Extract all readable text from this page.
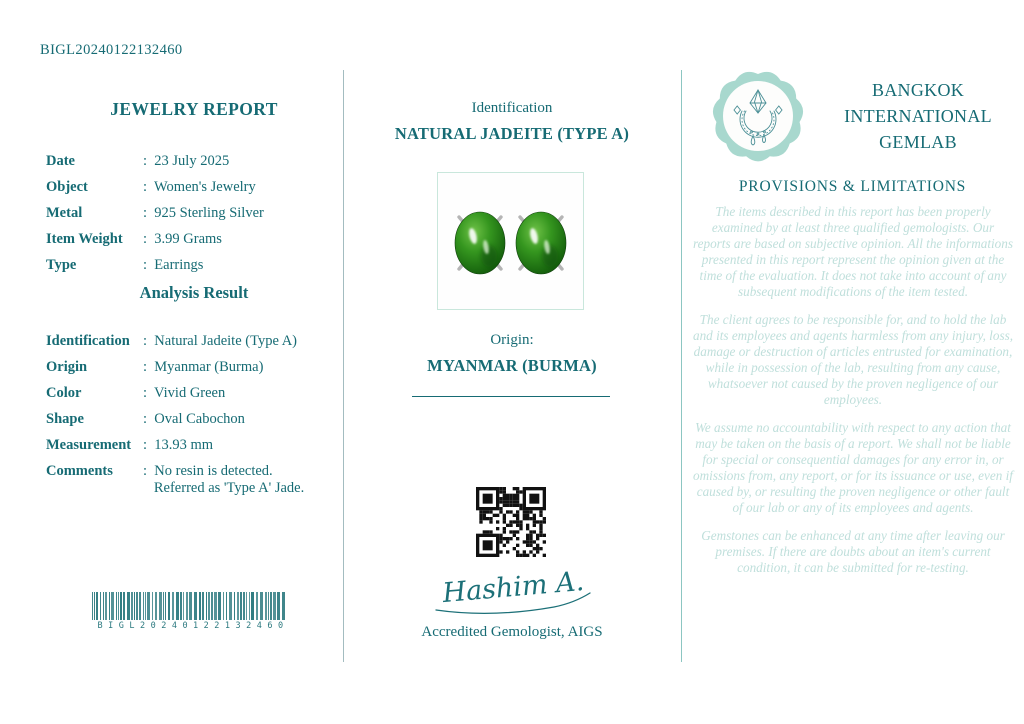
BIGL20240122132460
JEWELRY REPORT
Date	: 23 July 2025
Object	: Women's Jewelry
Metal	: 925 Sterling Silver
Item Weight	: 3.99 Grams
Type	: Earrings
Analysis Result
Identification	: Natural Jadeite (Type A)
Origin	: Myanmar (Burma)
Color	: Vivid Green
Shape	: Oval Cabochon
Measurement	: 13.93 mm
Comments	: No resin is detected.
Referred as 'Type A' Jade.
BIGL20240122132460
Identification
NATURAL JADEITE (TYPE A)
Origin:
MYANMAR (BURMA)
Hashim A.
Accredited Gemologist, AIGS
BANGKOK
INTERNATIONAL
GEMLAB
PROVISIONS & LIMITATIONS

The items described in this report has been properly examined by at least three qualified gemologists. Our reports are based on subjective opinion. All the informations presented in this report represent the opinion given at the time of the evaluation. It does not take into account of any subsequent modifications of the item tested.

The client agrees to be responsible for, and to hold the lab and its employees and agents harmless from any injury, loss, damage or destruction of articles entrusted for examination, while in possession of the lab, resulting from any cause, whatsoever not caused by the proven negligence of our employees.

We assume no accountability with respect to any action that may be taken on the basis of a report. We shall not be liable for special or consequential damages for any error in, or omissions from, any report, or for its issuance or use, even if caused by, or resulting the proven negligence or other fault of our lab or any of its employees and agents.

Gemstones can be enhanced at any time after leaving our premises. If there are doubts about an item's current condition, it can be submitted for re-testing.
